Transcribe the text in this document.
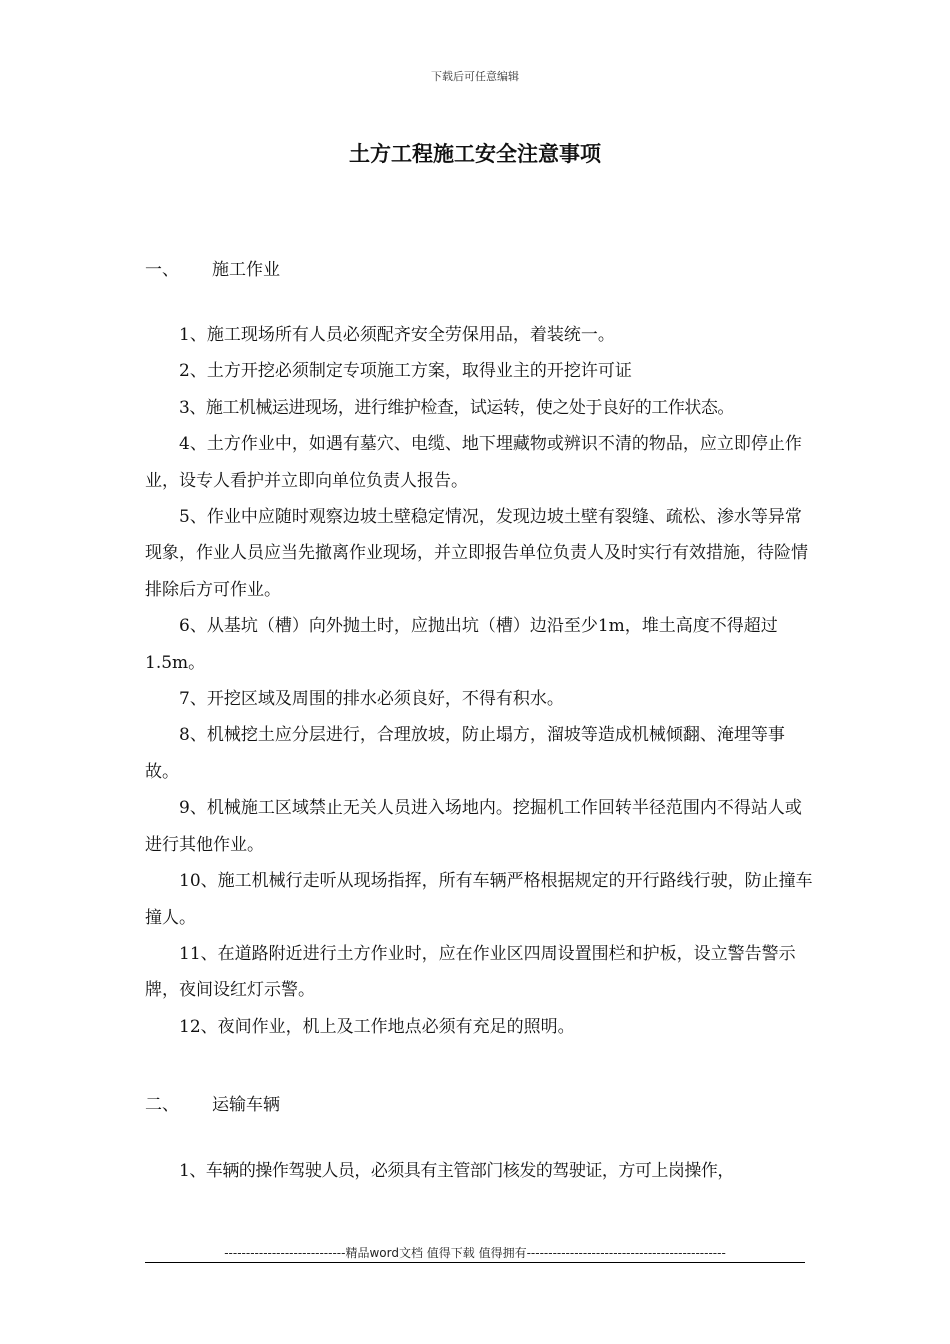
下载后可任意编辑
土方工程施工安全注意事项
一、 施工作业

1、施工现场所有人员必须配齐安全劳保用品，着装统一。

2、土方开挖必须制定专项施工方案，取得业主的开挖许可证

3、施工机械运进现场，进行维护检查，试运转，使之处于良好的工作状态。

4、土方作业中，如遇有墓穴、电缆、地下埋藏物或辨识不清的物品，应立即停止作业，设专人看护并立即向单位负责人报告。

5、作业中应随时观察边坡土壁稳定情况，发现边坡土壁有裂缝、疏松、渗水等异常现象，作业人员应当先撤离作业现场，并立即报告单位负责人及时实行有效措施，待险情排除后方可作业。

6、从基坑（槽）向外抛土时，应抛出坑（槽）边沿至少1m，堆土高度不得超过1.5m。

7、开挖区域及周围的排水必须良好，不得有积水。

8、机械挖土应分层进行，合理放坡，防止塌方，溜坡等造成机械倾翻、淹埋等事故。

9、机械施工区域禁止无关人员进入场地内。挖掘机工作回转半径范围内不得站人或进行其他作业。

10、施工机械行走听从现场指挥，所有车辆严格根据规定的开行路线行驶，防止撞车撞人。

11、在道路附近进行土方作业时，应在作业区四周设置围栏和护板，设立警告警示牌，夜间设红灯示警。

12、夜间作业，机上及工作地点必须有充足的照明。

二、 运输车辆

1、车辆的操作驾驶人员，必须具有主管部门核发的驾驶证，方可上岗操作，

----------------------------精品word文档 值得下载 值得拥有----------------------------------------------
